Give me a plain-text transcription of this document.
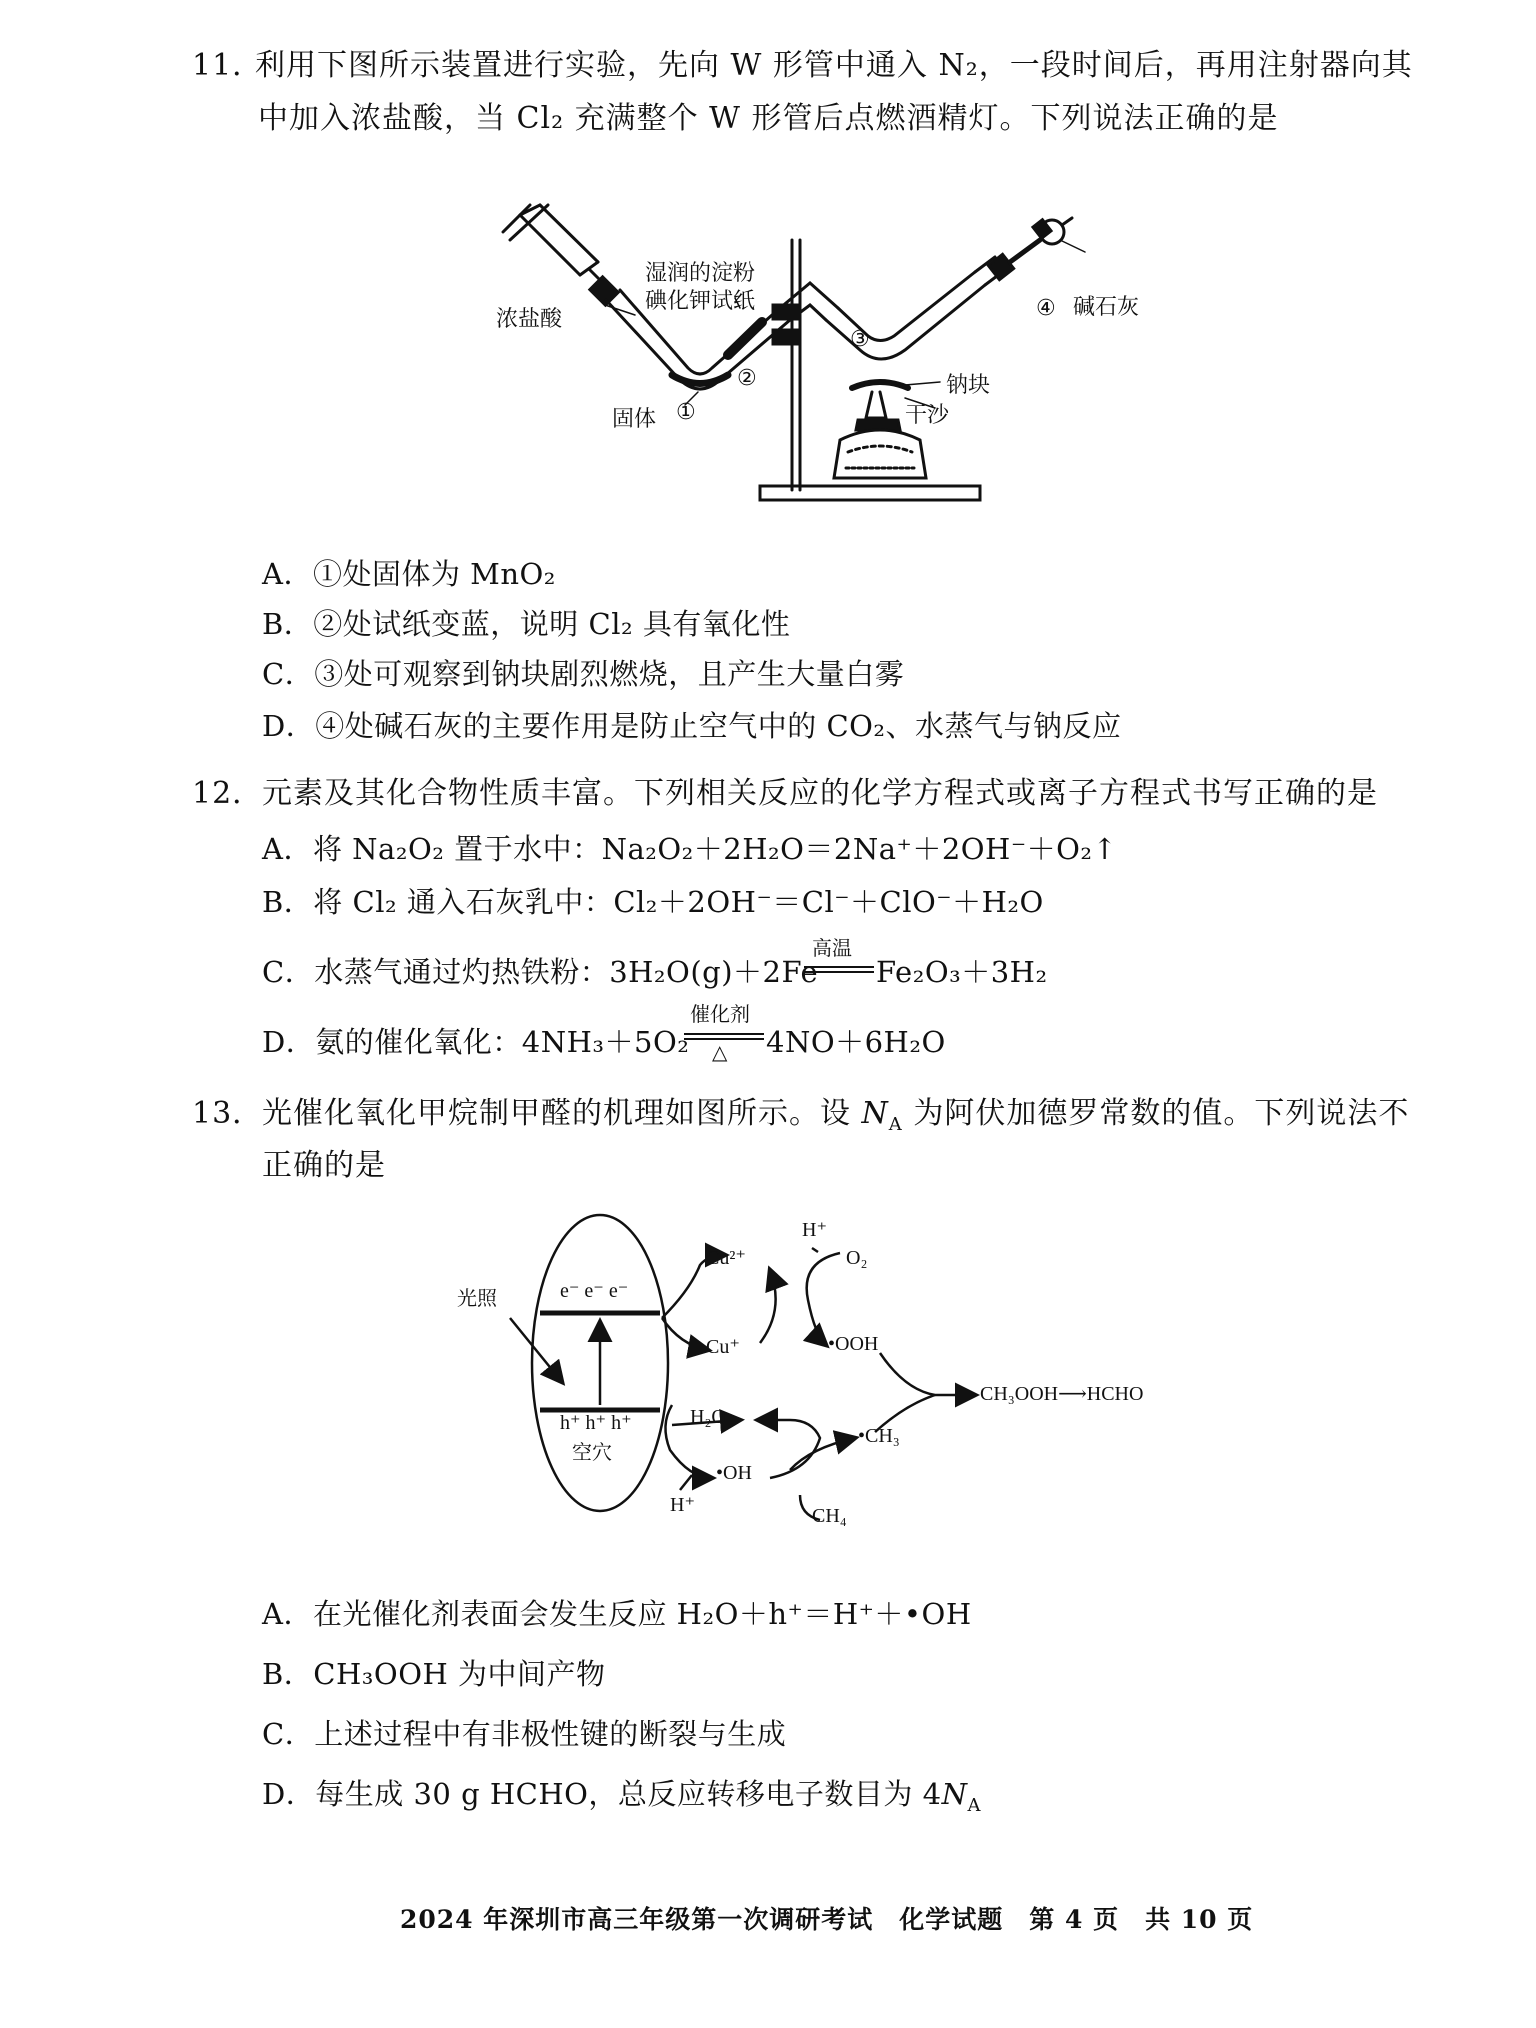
11．
利用下图所示装置进行实验，先向 W 形管中通入 N₂，一段时间后，再用注射器向其
中加入浓盐酸，当 Cl₂ 充满整个 W 形管后点燃酒精灯。下列说法正确的是
浓盐酸
湿润的淀粉
碘化钾试纸
固体 ①
②
③
④ 碱石灰
钠块
干沙
A．①处固体为 MnO₂
B．②处试纸变蓝，说明 Cl₂ 具有氧化性
C．③处可观察到钠块剧烈燃烧，且产生大量白雾
D．④处碱石灰的主要作用是防止空气中的 CO₂、水蒸气与钠反应
12．
元素及其化合物性质丰富。下列相关反应的化学方程式或离子方程式书写正确的是
A．将 Na₂O₂ 置于水中：Na₂O₂＋2H₂O＝2Na⁺＋2OH⁻＋O₂↑
B．将 Cl₂ 通入石灰乳中：Cl₂＋2OH⁻＝Cl⁻＋ClO⁻＋H₂O
C．水蒸气通过灼热铁粉：3H₂O(g)＋2Fe
高温
Fe₂O₃＋3H₂
D．氨的催化氧化：4NH₃＋5O₂
催化剂
△ 4NO＋6H₂O
13．
光催化氧化甲烷制甲醛的机理如图所示。设 $N_A$ 为阿伏加德罗常数的值。下列说法不
正确的是
光照	e⁻ e⁻ e⁻
h⁺ h⁺ h⁺
空穴
Cu²⁺
Cu⁺
H⁺
O₂
•OOH
CH₃OOH⟶HCHO
H₂O
•CH₃
•OH
H⁺	CH₄
A．在光催化剂表面会发生反应 H₂O＋h⁺＝H⁺＋•OH
B．CH₃OOH 为中间产物
C．上述过程中有非极性键的断裂与生成
D．每生成 30 g HCHO，总反应转移电子数目为 $4N_A$
2024 年深圳市高三年级第一次调研考试　化学试题　第 4 页　共 10 页
